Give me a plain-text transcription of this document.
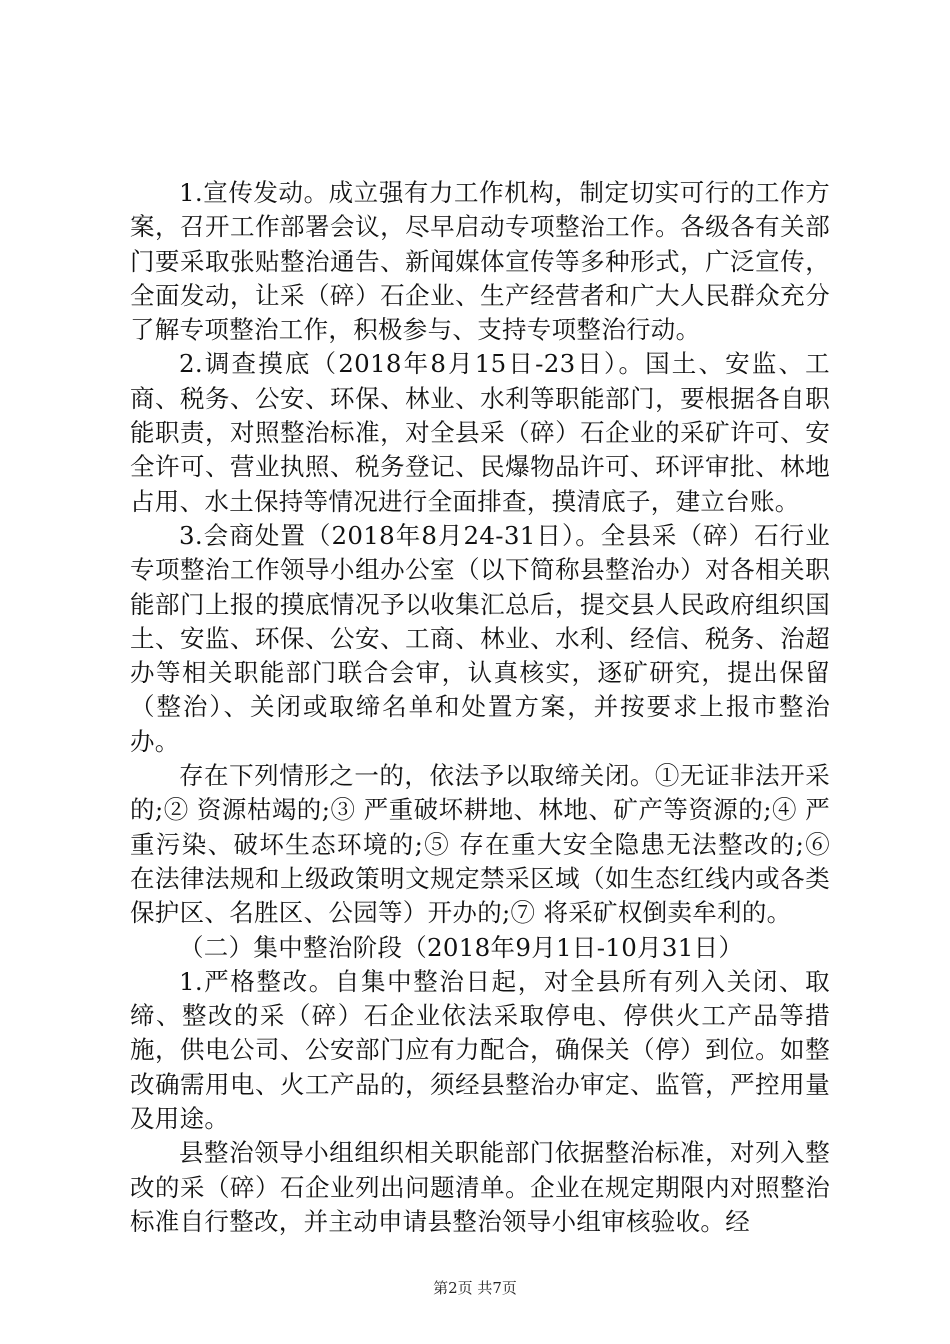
1.宣传发动。成立强有力工作机构，制定切实可行的工作方案，召开工作部署会议，尽早启动专项整治工作。各级各有关部门要采取张贴整治通告、新闻媒体宣传等多种形式，广泛宣传，全面发动，让采（碎）石企业、生产经营者和广大人民群众充分了解专项整治工作，积极参与、支持专项整治行动。

2.调查摸底（2018年8月15日-23日）。国土、安监、工商、税务、公安、环保、林业、水利等职能部门，要根据各自职能职责，对照整治标准，对全县采（碎）石企业的采矿许可、安全许可、营业执照、税务登记、民爆物品许可、环评审批、林地占用、水土保持等情况进行全面排查，摸清底子，建立台账。

3.会商处置（2018年8月24-31日）。全县采（碎）石行业专项整治工作领导小组办公室（以下简称县整治办）对各相关职能部门上报的摸底情况予以收集汇总后，提交县人民政府组织国土、安监、环保、公安、工商、林业、水利、经信、税务、治超办等相关职能部门联合会审，认真核实，逐矿研究，提出保留（整治）、关闭或取缔名单和处置方案，并按要求上报市整治办。

存在下列情形之一的，依法予以取缔关闭。①无证非法开采的;② 资源枯竭的;③ 严重破坏耕地、林地、矿产等资源的;④ 严重污染、破坏生态环境的;⑤ 存在重大安全隐患无法整改的;⑥ 在法律法规和上级政策明文规定禁采区域（如生态红线内或各类保护区、名胜区、公园等）开办的;⑦ 将采矿权倒卖牟利的。

（二）集中整治阶段（2018年9月1日-10月31日）

1.严格整改。自集中整治日起，对全县所有列入关闭、取缔、整改的采（碎）石企业依法采取停电、停供火工产品等措施，供电公司、公安部门应有力配合，确保关（停）到位。如整改确需用电、火工产品的，须经县整治办审定、监管，严控用量及用途。

县整治领导小组组织相关职能部门依据整治标准，对列入整改的采（碎）石企业列出问题清单。企业在规定期限内对照整治标准自行整改，并主动申请县整治领导小组审核验收。经

第2页 共7页
